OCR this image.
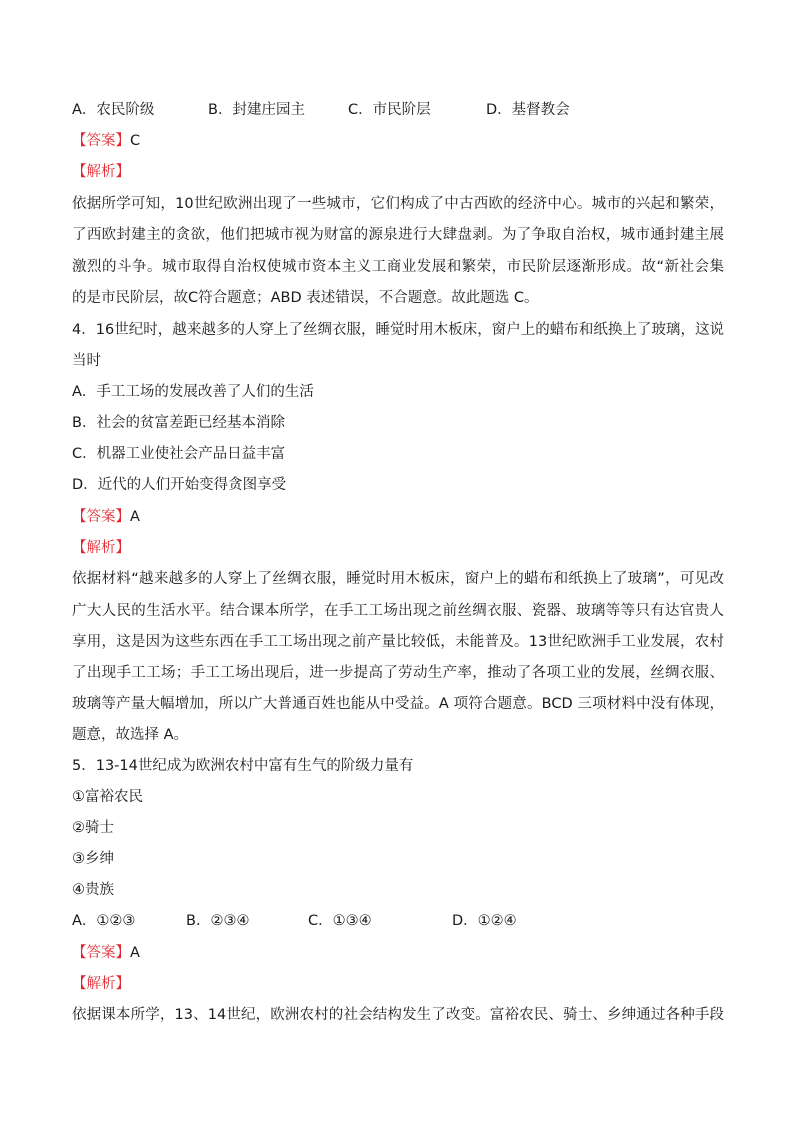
A．农民阶级	B．封建庄园主	C．市民阶层	D．基督教会
【答案】C
【解析】
依据所学可知，10世纪欧洲出现了一些城市，它们构成了中古西欧的经济中心。城市的兴起和繁荣，
了西欧封建主的贪欲，他们把城市视为财富的源泉进行大肆盘剥。为了争取自治权，城市通封建主展
激烈的斗争。城市取得自治权使城市资本主义工商业发展和繁荣，市民阶层逐渐形成。故“新社会集
的是市民阶层，故C符合题意；ABD 表述错误，不合题意。故此题选 C。
4．16世纪时，越来越多的人穿上了丝绸衣服，睡觉时用木板床，窗户上的蜡布和纸换上了玻璃，这说
当时
A．手工工场的发展改善了人们的生活
B．社会的贫富差距已经基本消除
C．机器工业使社会产品日益丰富
D．近代的人们开始变得贪图享受
【答案】A
【解析】
依据材料“越来越多的人穿上了丝绸衣服，睡觉时用木板床，窗户上的蜡布和纸换上了玻璃”，可见改
广大人民的生活水平。结合课本所学，在手工工场出现之前丝绸衣服、瓷器、玻璃等等只有达官贵人
享用，这是因为这些东西在手工工场出现之前产量比较低，未能普及。13世纪欧洲手工业发展，农村
了出现手工工场；手工工场出现后，进一步提高了劳动生产率，推动了各项工业的发展，丝绸衣服、
玻璃等产量大幅增加，所以广大普通百姓也能从中受益。A 项符合题意。BCD 三项材料中没有体现，
题意，故选择 A。
5．13-14世纪成为欧洲农村中富有生气的阶级力量有
①富裕农民
②骑士
③乡绅
④贵族
A．①②③	B．②③④	C．①③④	D．①②④
【答案】A
【解析】
依据课本所学，13、14世纪，欧洲农村的社会结构发生了改变。富裕农民、骑士、乡绅通过各种手段
